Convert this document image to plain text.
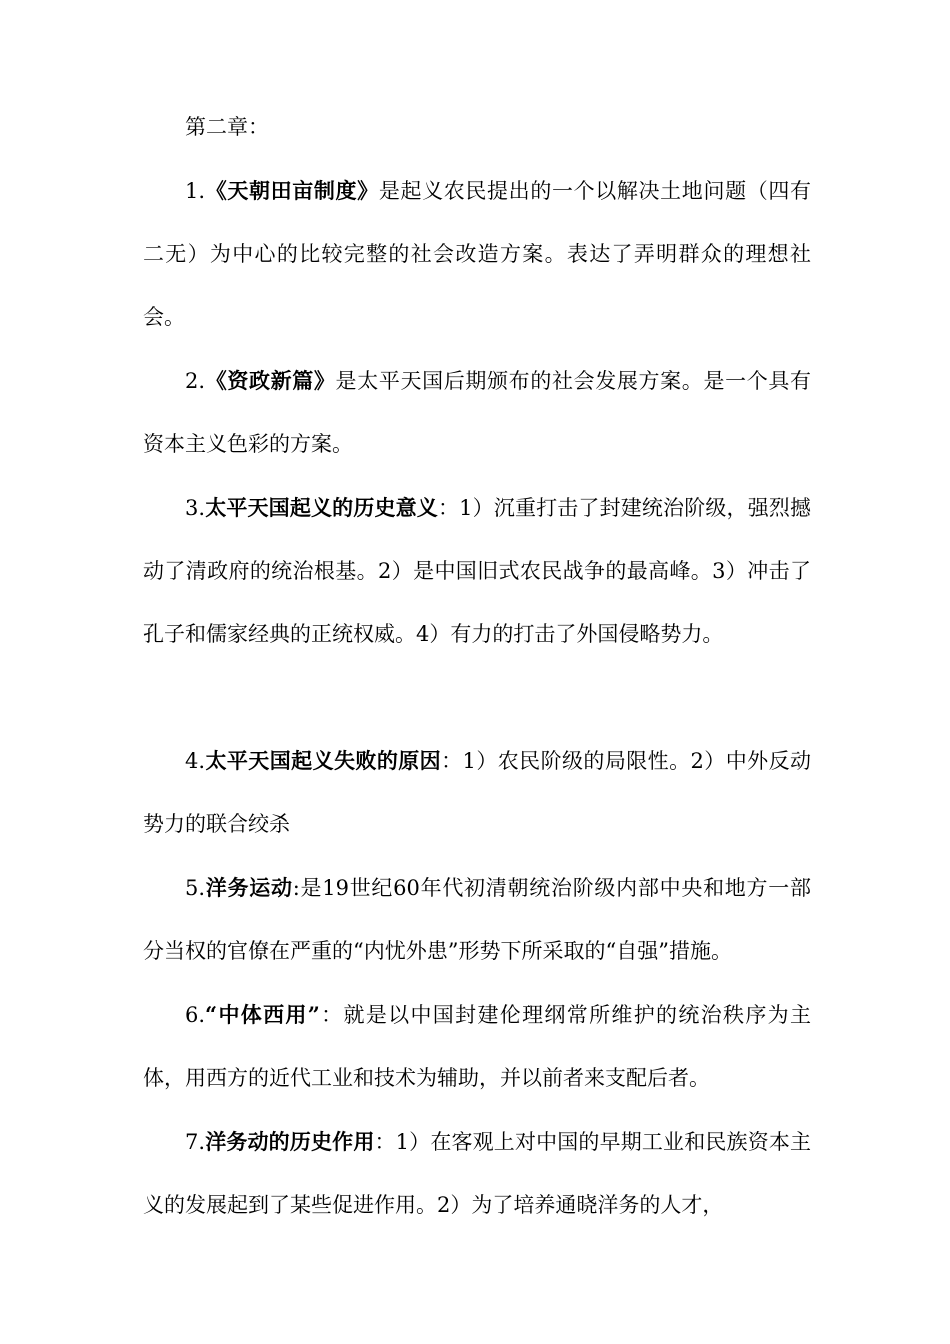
第二章：

1.《天朝田亩制度》是起义农民提出的一个以解决土地问题（四有二无）为中心的比较完整的社会改造方案。表达了弄明群众的理想社会。

2.《资政新篇》是太平天国后期颁布的社会发展方案。是一个具有资本主义色彩的方案。

3.太平天国起义的历史意义：1）沉重打击了封建统治阶级，强烈撼动了清政府的统治根基。2）是中国旧式农民战争的最高峰。3）冲击了孔子和儒家经典的正统权威。4）有力的打击了外国侵略势力。

4.太平天国起义失败的原因：1）农民阶级的局限性。2）中外反动势力的联合绞杀

5.洋务运动:是19世纪60年代初清朝统治阶级内部中央和地方一部分当权的官僚在严重的“内忧外患”形势下所采取的“自强”措施。

6.“中体西用”：就是以中国封建伦理纲常所维护的统治秩序为主体，用西方的近代工业和技术为辅助，并以前者来支配后者。

7.洋务动的历史作用：1）在客观上对中国的早期工业和民族资本主义的发展起到了某些促进作用。2）为了培养通晓洋务的人才，
